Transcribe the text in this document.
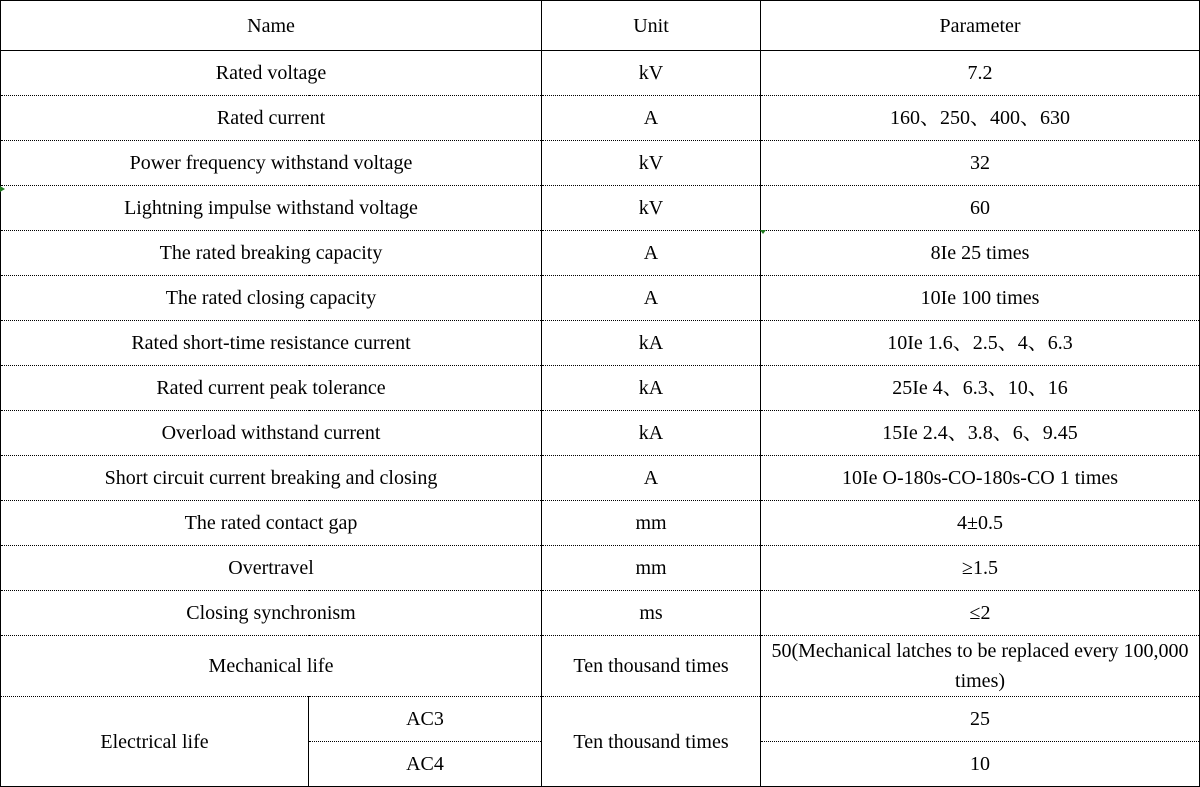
Name		Unit	Parameter
Rated voltage		kV	7.2
Rated current		A	160、250、400、630
Power frequency withstand voltage		kV	32
Lightning impulse withstand voltage		kV	60
The rated breaking capacity		A	8Ie 25 times
The rated closing capacity		A	10Ie 100 times
Rated short-time resistance current		kA	10Ie 1.6、2.5、4、6.3
Rated current peak tolerance		kA	25Ie 4、6.3、10、16
Overload withstand current		kA	15Ie 2.4、3.8、6、9.45
Short circuit current breaking and closing		A	10Ie O-180s-CO-180s-CO 1 times
The rated contact gap		mm	4±0.5
Overtravel		mm	≥1.5
Closing synchronism		ms	≤2
Mechanical life		Ten thousand times	50(Mechanical latches to be replaced every 100,000 times)
Electrical life	AC3	Ten thousand times	25
	AC4		10
